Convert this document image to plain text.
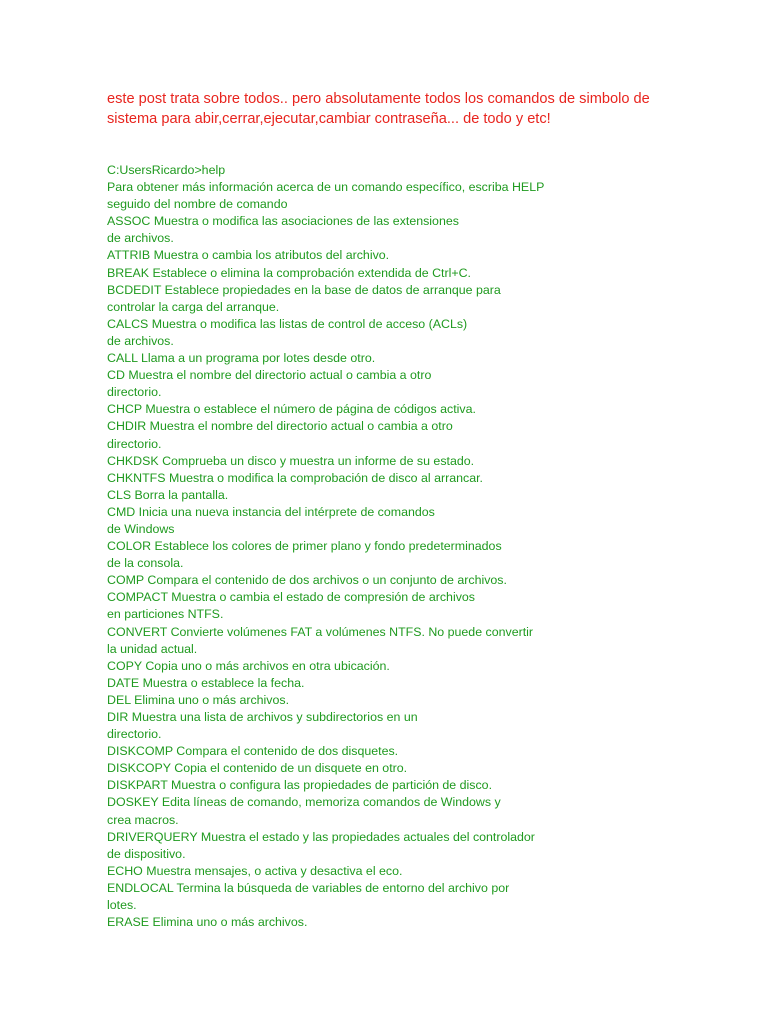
este post trata sobre todos.. pero absolutamente todos los comandos de simbolo de
sistema para abir,cerrar,ejecutar,cambiar contraseña... de todo y etc!
C:UsersRicardo>help
Para obtener más información acerca de un comando específico, escriba HELP
seguido del nombre de comando
ASSOC Muestra o modifica las asociaciones de las extensiones
de archivos.
ATTRIB Muestra o cambia los atributos del archivo.
BREAK Establece o elimina la comprobación extendida de Ctrl+C.
BCDEDIT Establece propiedades en la base de datos de arranque para
controlar la carga del arranque.
CALCS Muestra o modifica las listas de control de acceso (ACLs)
de archivos.
CALL Llama a un programa por lotes desde otro.
CD Muestra el nombre del directorio actual o cambia a otro
directorio.
CHCP Muestra o establece el número de página de códigos activa.
CHDIR Muestra el nombre del directorio actual o cambia a otro
directorio.
CHKDSK Comprueba un disco y muestra un informe de su estado.
CHKNTFS Muestra o modifica la comprobación de disco al arrancar.
CLS Borra la pantalla.
CMD Inicia una nueva instancia del intérprete de comandos
de Windows
COLOR Establece los colores de primer plano y fondo predeterminados
de la consola.
COMP Compara el contenido de dos archivos o un conjunto de archivos.
COMPACT Muestra o cambia el estado de compresión de archivos
en particiones NTFS.
CONVERT Convierte volúmenes FAT a volúmenes NTFS. No puede convertir
la unidad actual.
COPY Copia uno o más archivos en otra ubicación.
DATE Muestra o establece la fecha.
DEL Elimina uno o más archivos.
DIR Muestra una lista de archivos y subdirectorios en un
directorio.
DISKCOMP Compara el contenido de dos disquetes.
DISKCOPY Copia el contenido de un disquete en otro.
DISKPART Muestra o configura las propiedades de partición de disco.
DOSKEY Edita líneas de comando, memoriza comandos de Windows y
crea macros.
DRIVERQUERY Muestra el estado y las propiedades actuales del controlador
de dispositivo.
ECHO Muestra mensajes, o activa y desactiva el eco.
ENDLOCAL Termina la búsqueda de variables de entorno del archivo por
lotes.
ERASE Elimina uno o más archivos.
